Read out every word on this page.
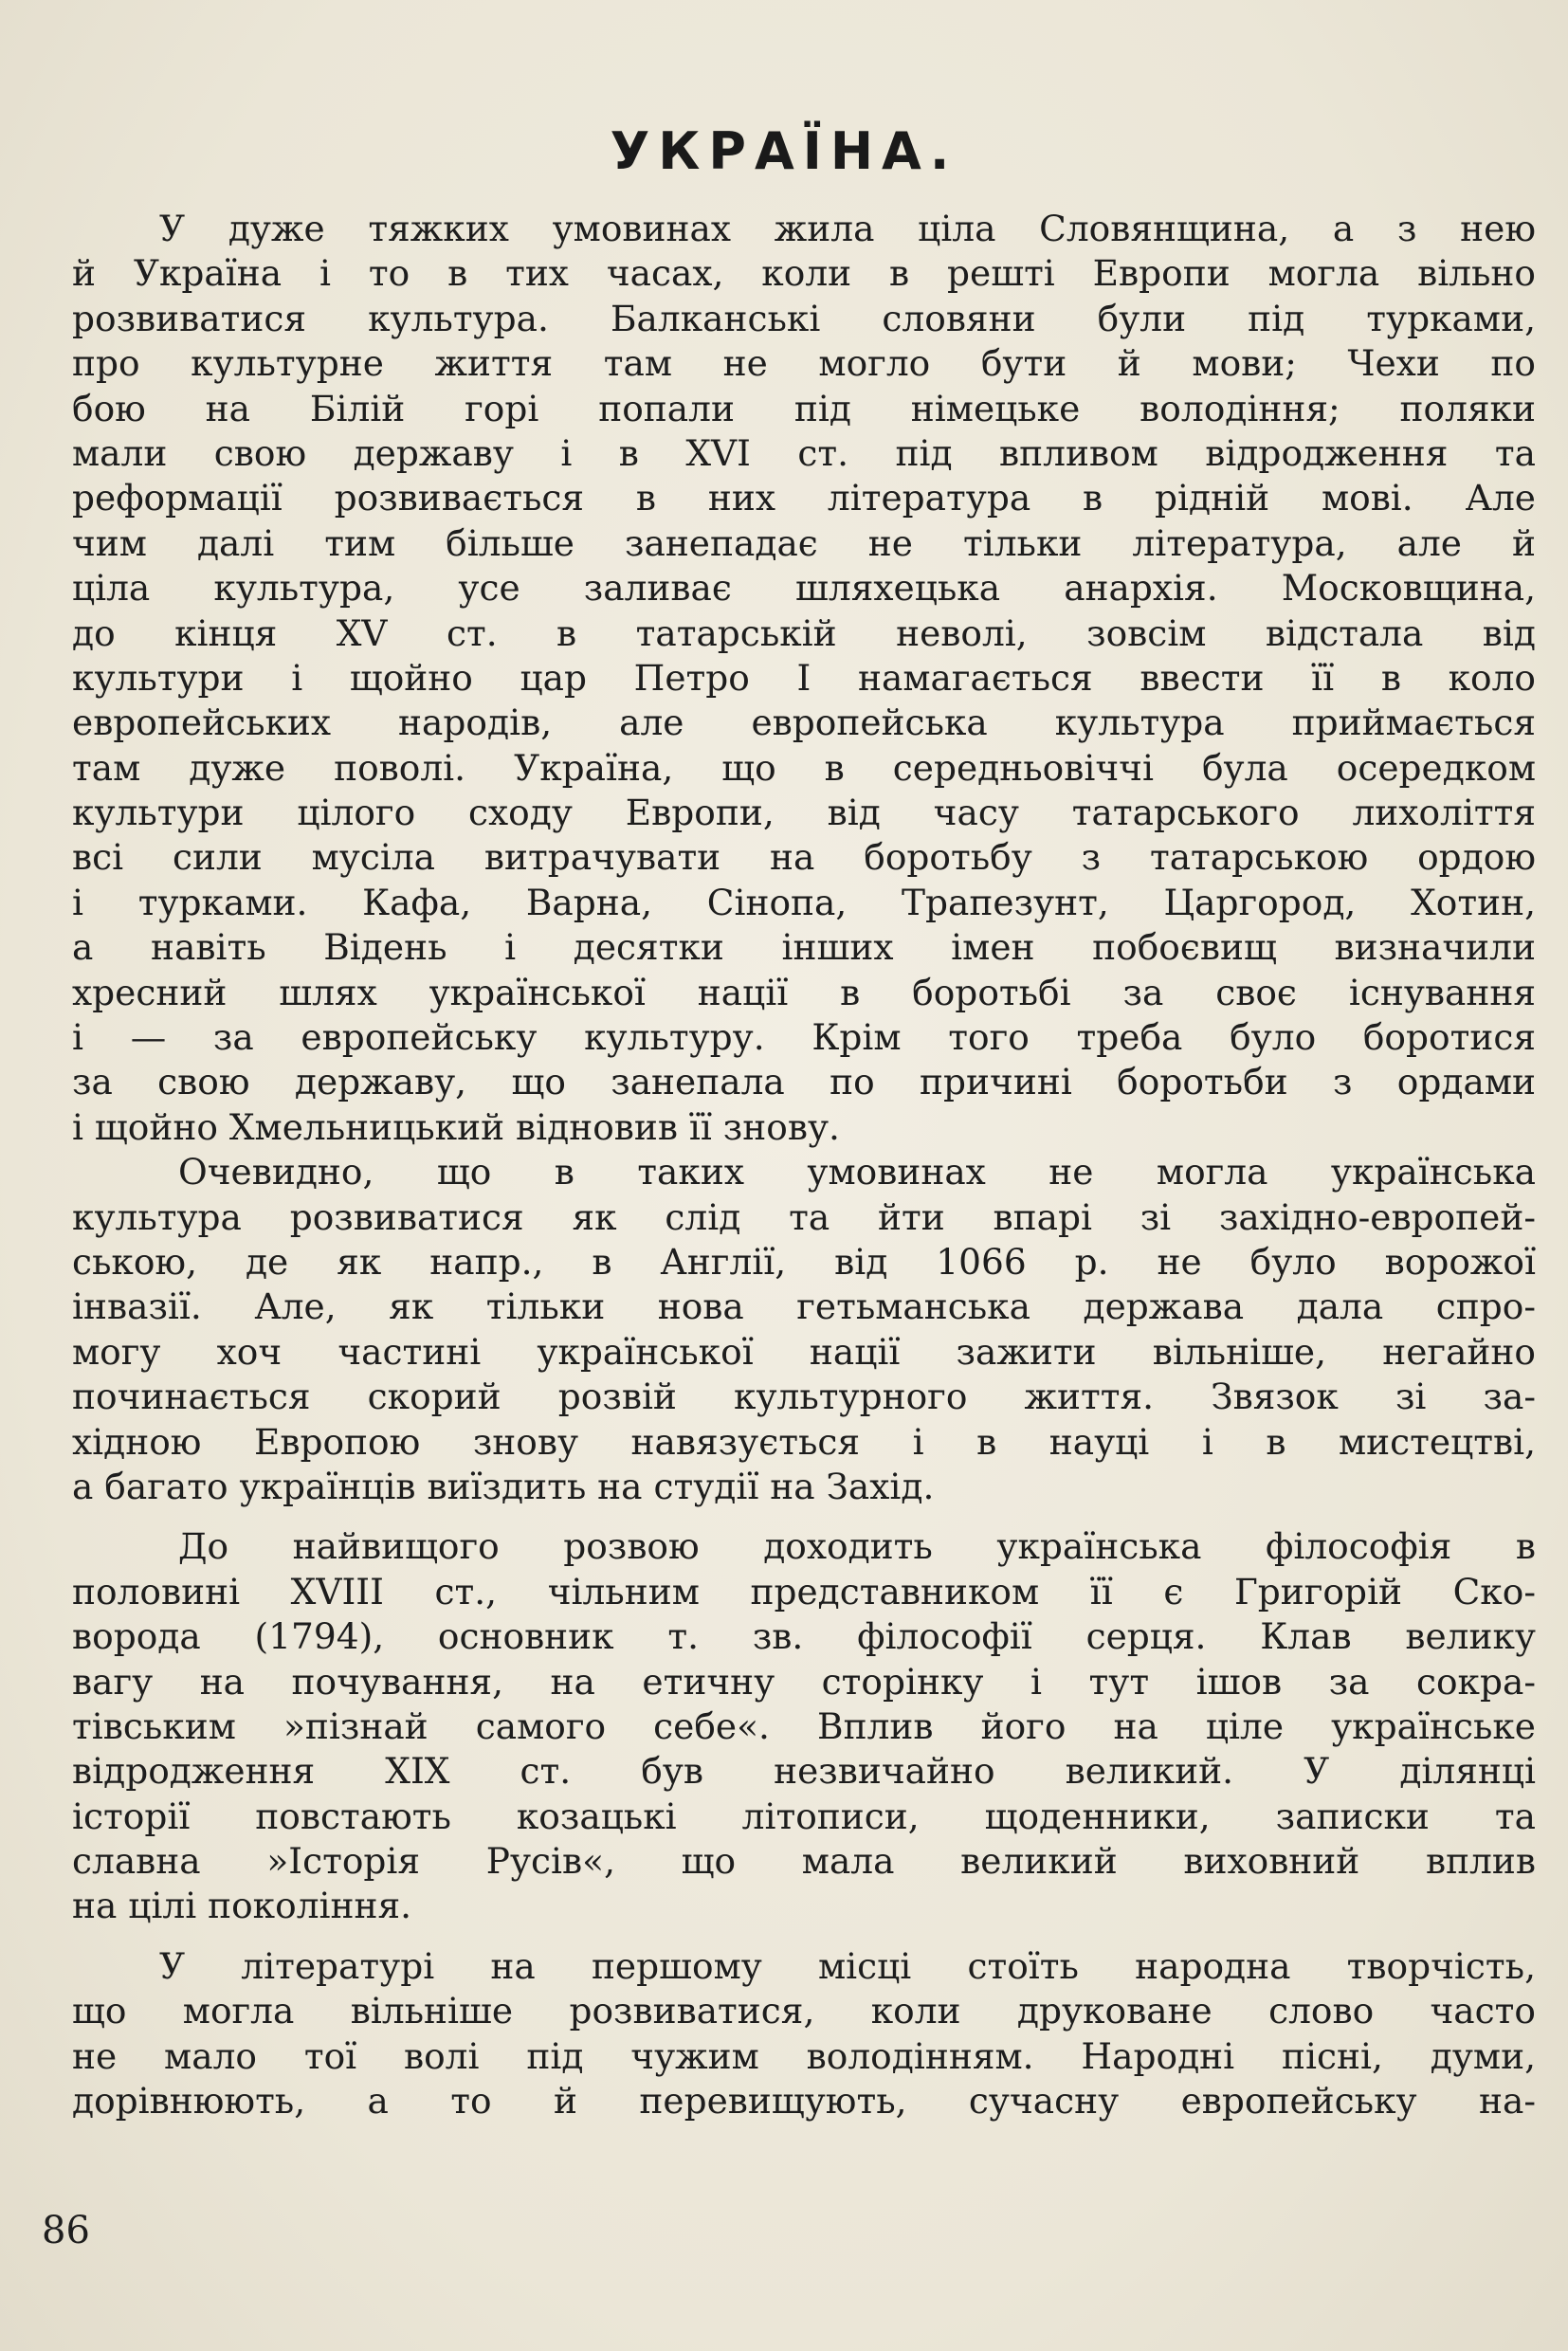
УКРАЇНА.
У дуже тяжких умовинах жила ціла Словянщина, а з нею
й Україна і то в тих часах, коли в решті Европи могла вільно
розвиватися культура. Балканські словяни були під турками,
про культурне життя там не могло бути й мови; Чехи по
бою на Білій горі попали під німецьке володіння; поляки
мали свою державу і в XVI ст. під впливом відродження та
реформації розвивається в них література в рідній мові. Але
чим далі тим більше занепадає не тільки література, але й
ціла культура, усе заливає шляхецька анархія. Московщина,
до кінця XV ст. в татарській неволі, зовсім відстала від
культури і щойно цар Петро І намагається ввести її в коло
европейських народів, але европейська культура приймається
там дуже поволі. Україна, що в середньовіччі була осередком
культури цілого сходу Европи, від часу татарського лихоліття
всі сили мусіла витрачувати на боротьбу з татарською ордою
і турками. Кафа, Варна, Сінопа, Трапезунт, Царгород, Хотин,
а навіть Відень і десятки інших імен побоєвищ визначили
хресний шлях української нації в боротьбі за своє існування
і — за европейську культуру. Крім того треба було боротися
за свою державу, що занепала по причині боротьби з ордами
і щойно Хмельницький відновив її знову.
Очевидно, що в таких умовинах не могла українська
культура розвиватися як слід та йти впарі зі західно-европей-
ською, де як напр., в Англії, від 1066 р. не було ворожої
інвазії. Але, як тільки нова гетьманська держава дала спро-
могу хоч частині української нації зажити вільніше, негайно
починається скорий розвій культурного життя. Звязок зі за-
хідною Европою знову навязується і в науці і в мистецтві,
а багато українців виїздить на студії на Захід.
До найвищого розвою доходить українська філософія в
половині XVIII ст., чільним представником її є Григорій Ско-
ворода (1794), основник т. зв. філософії серця. Клав велику
вагу на почування, на етичну сторінку і тут ішов за сокра-
тівським »пізнай самого себе«. Вплив його на ціле українське
відродження XIX ст. був незвичайно великий. У ділянці
історії повстають козацькі літописи, щоденники, записки та
славна »Історія Русів«, що мала великий виховний вплив
на цілі покоління.
У літературі на першому місці стоїть народна творчість,
що могла вільніше розвиватися, коли друковане слово часто
не мало тої волі під чужим володінням. Народні пісні, думи,
дорівнюють, а то й перевищують, сучасну европейську на-
86
